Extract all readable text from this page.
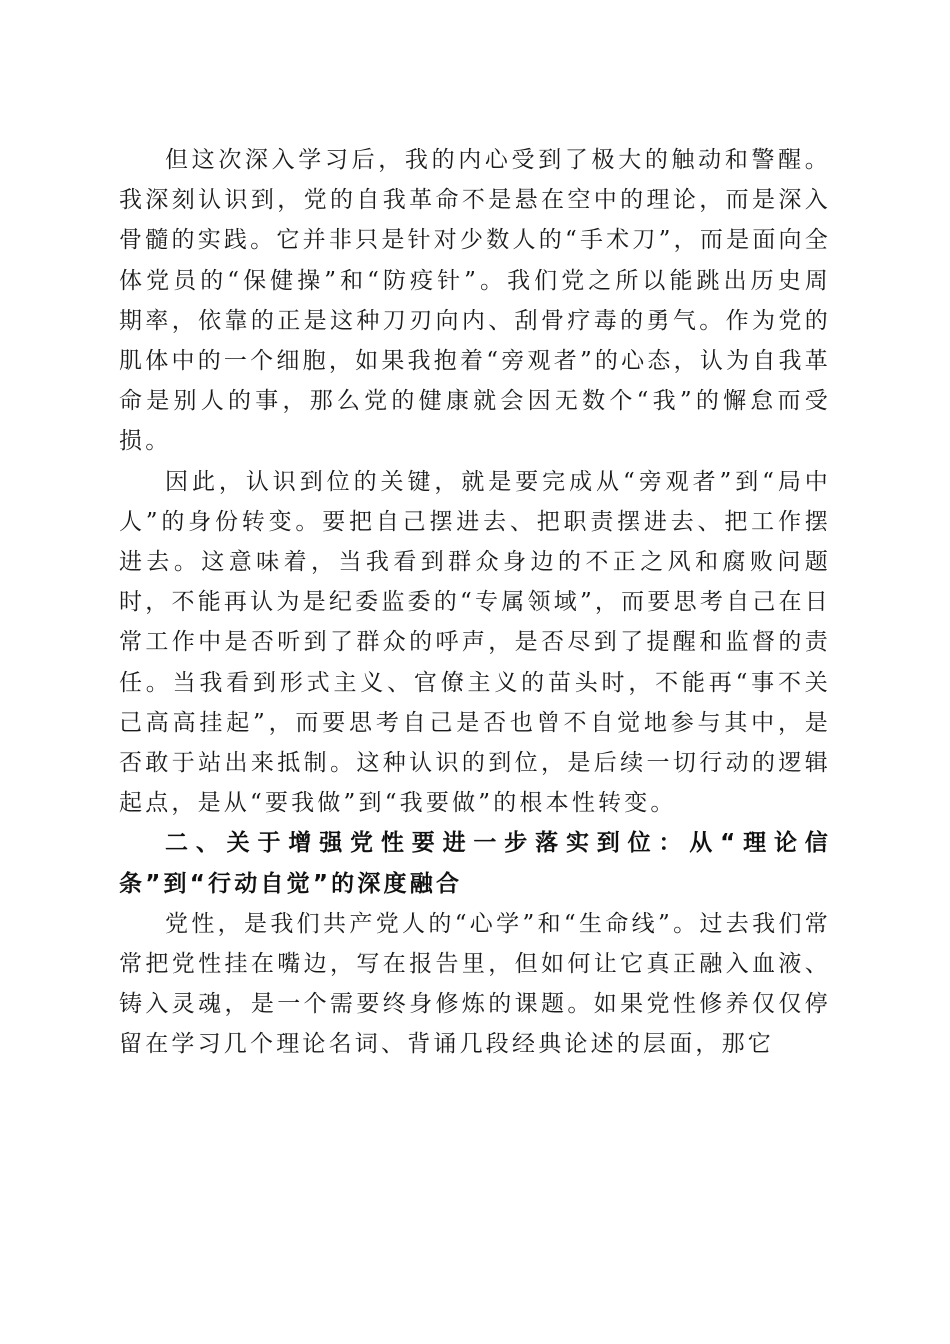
但这次深入学习后，我的内心受到了极大的触动和警醒。我深刻认识到，党的自我革命不是悬在空中的理论，而是深入骨髓的实践。它并非只是针对少数人的“手术刀”，而是面向全体党员的“保健操”和“防疫针”。我们党之所以能跳出历史周期率，依靠的正是这种刀刃向内、刮骨疗毒的勇气。作为党的肌体中的一个细胞，如果我抱着“旁观者”的心态，认为自我革命是别人的事，那么党的健康就会因无数个“我”的懈怠而受损。

因此，认识到位的关键，就是要完成从“旁观者”到“局中人”的身份转变。要把自己摆进去、把职责摆进去、把工作摆进去。这意味着，当我看到群众身边的不正之风和腐败问题时，不能再认为是纪委监委的“专属领域”，而要思考自己在日常工作中是否听到了群众的呼声，是否尽到了提醒和监督的责任。当我看到形式主义、官僚主义的苗头时，不能再“事不关己高高挂起”，而要思考自己是否也曾不自觉地参与其中，是否敢于站出来抵制。这种认识的到位，是后续一切行动的逻辑起点，是从“要我做”到“我要做”的根本性转变。

二、关于增强党性要进一步落实到位：从“理论信条”到“行动自觉”的深度融合

党性，是我们共产党人的“心学”和“生命线”。过去我们常常把党性挂在嘴边，写在报告里，但如何让它真正融入血液、铸入灵魂，是一个需要终身修炼的课题。如果党性修养仅仅停留在学习几个理论名词、背诵几段经典论述的层面，那它
